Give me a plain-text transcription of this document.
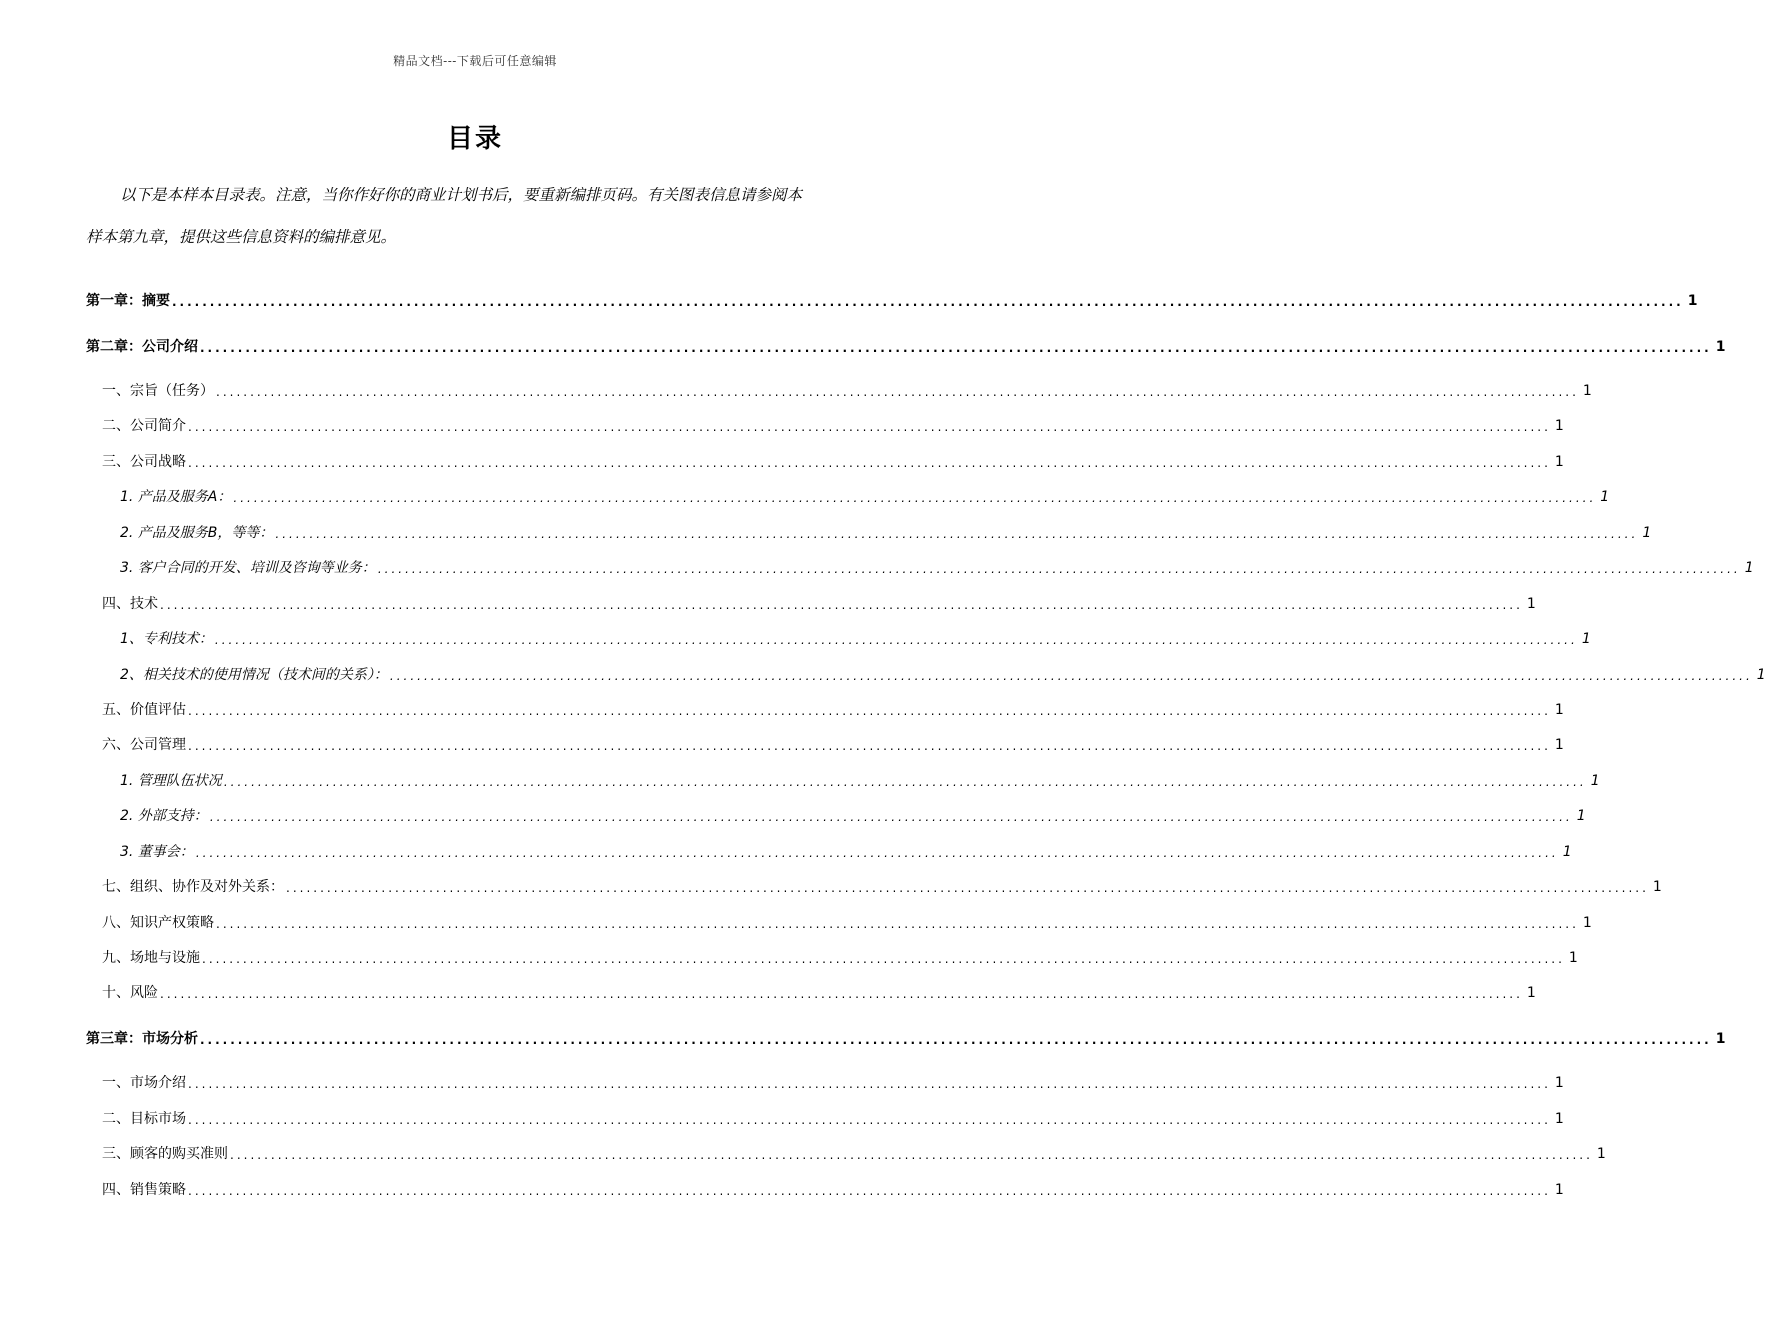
精品文档---下载后可任意编辑
目录

以下是本样本目录表。注意，当你作好你的商业计划书后，要重新编排页码。有关图表信息请参阅本样本第九章，提供这些信息资料的编排意见。

第一章：摘要 ........................................................................................................................................................................................................ 1
第二章：公司介绍 ........................................................................................................................................................................................................ 1
一、宗旨（任务） ........................................................................................................................................................................................................ 1
二、公司简介 ........................................................................................................................................................................................................ 1
三、公司战略 ........................................................................................................................................................................................................ 1
1. 产品及服务A： ........................................................................................................................................................................................................ 1
2. 产品及服务B，等等： ........................................................................................................................................................................................................ 1
3. 客户合同的开发、培训及咨询等业务： ........................................................................................................................................................................................................ 1
四、技术 ........................................................................................................................................................................................................ 1
1、专利技术： ........................................................................................................................................................................................................ 1
2、相关技术的使用情况（技术间的关系）： ........................................................................................................................................................................................................ 1
五、价值评估 ........................................................................................................................................................................................................ 1
六、公司管理 ........................................................................................................................................................................................................ 1
1. 管理队伍状况 ........................................................................................................................................................................................................ 1
2. 外部支持： ........................................................................................................................................................................................................ 1
3. 董事会： ........................................................................................................................................................................................................ 1
七、组织、协作及对外关系： ........................................................................................................................................................................................................ 1
八、知识产权策略 ........................................................................................................................................................................................................ 1
九、场地与设施 ........................................................................................................................................................................................................ 1
十、风险 ........................................................................................................................................................................................................ 1
第三章：市场分析 ........................................................................................................................................................................................................ 1
一、市场介绍 ........................................................................................................................................................................................................ 1
二、目标市场 ........................................................................................................................................................................................................ 1
三、顾客的购买准则 ........................................................................................................................................................................................................ 1
四、销售策略 ........................................................................................................................................................................................................ 1
